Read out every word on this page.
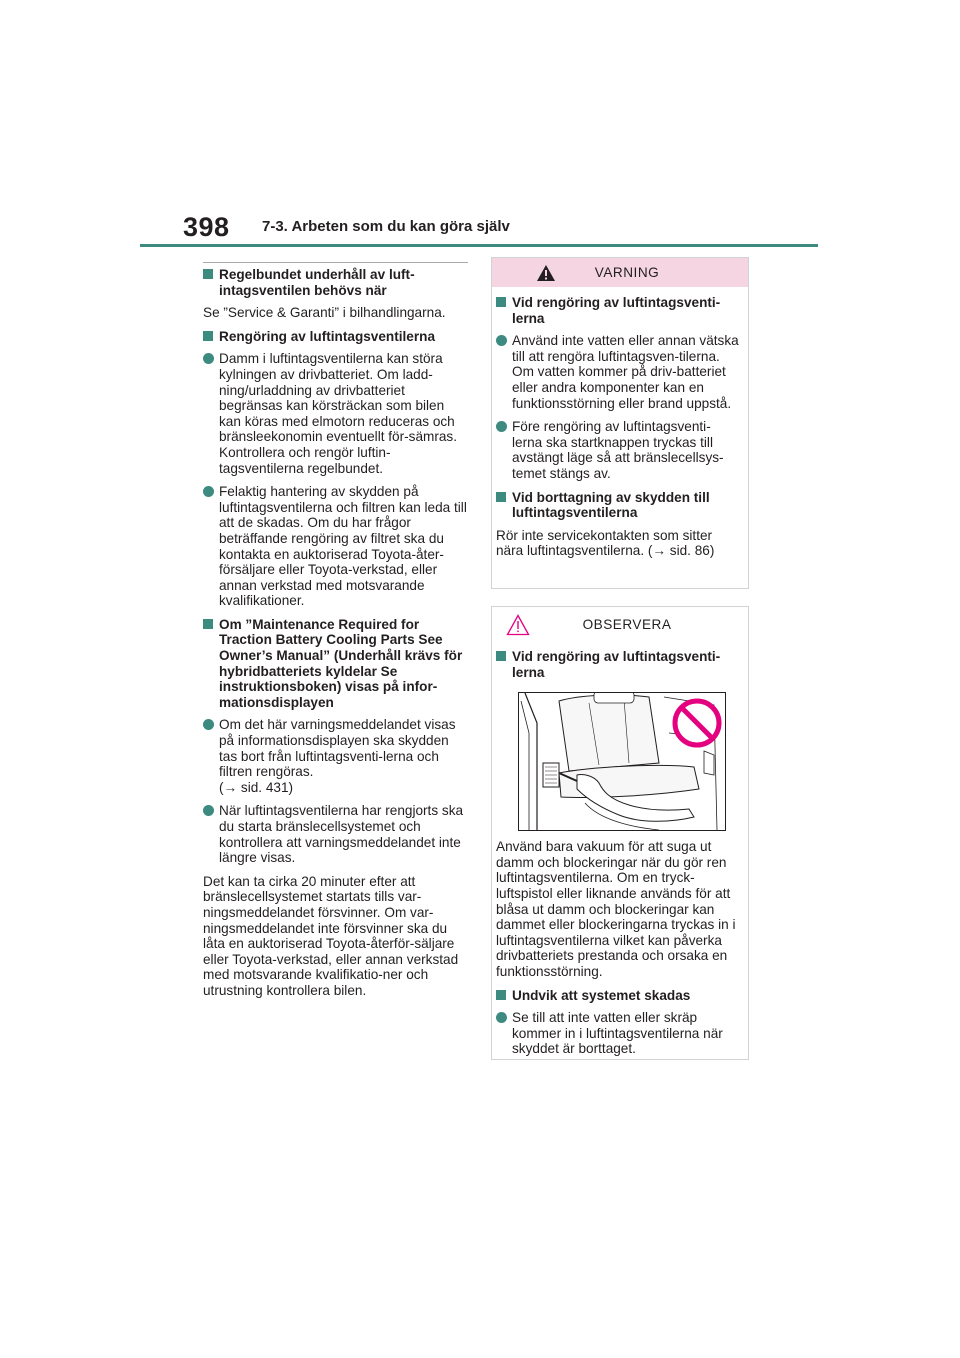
398 7-3. Arbeten som du kan göra själv
Regelbundet underhåll av luft-intagsventilen behövs när

Se ”Service & Garanti” i bilhandlingarna.

Rengöring av luftintagsventilerna
Damm i luftintagsventilerna kan störa kylningen av drivbatteriet. Om ladd-ning/urladdning av drivbatteriet begränsas kan körsträckan som bilen kan köras med elmotorn reduceras och bränsleekonomin eventuellt för-sämras. Kontrollera och rengör luftin-tagsventilerna regelbundet.
Felaktig hantering av skydden på luftintagsventilerna och filtren kan leda till att de skadas. Om du har frågor beträffande rengöring av filtret ska du kontakta en auktoriserad Toyota-åter-försäljare eller Toyota-verkstad, eller annan verkstad med motsvarande kvalifikationer.
Om ”Maintenance Required for Traction Battery Cooling Parts See Owner’s Manual” (Underhåll krävs för hybridbatteriets kyldelar Se instruktionsboken) visas på infor-mationsdisplayen
Om det här varningsmeddelandet visas på informationsdisplayen ska skydden tas bort från luftintagsventi-lerna och filtren rengöras.
(→ sid. 431)
När luftintagsventilerna har rengjorts ska du starta bränslecellsystemet och kontrollera att varningsmeddelandet inte längre visas.

Det kan ta cirka 20 minuter efter att bränslecellsystemet startats tills var-ningsmeddelandet försvinner. Om var-ningsmeddelandet inte försvinner ska du låta en auktoriserad Toyota-återför-säljare eller Toyota-verkstad, eller annan verkstad med motsvarande kvalifikatio-ner och utrustning kontrollera bilen.

VARNING
Vid rengöring av luftintagsventi-lerna
Använd inte vatten eller annan vätska till att rengöra luftintagsven-tilerna. Om vatten kommer på driv-batteriet eller andra komponenter kan en funktionsstörning eller brand uppstå.
Före rengöring av luftintagsventi-lerna ska startknappen tryckas till avstängt läge så att bränslecellsys-temet stängs av.
Vid borttagning av skydden till luftintagsventilerna

Rör inte servicekontakten som sitter nära luftintagsventilerna. (→ sid. 86)

OBSERVERA
Vid rengöring av luftintagsventi-lerna

Använd bara vakuum för att suga ut damm och blockeringar när du gör ren luftintagsventilerna. Om en tryck-luftspistol eller liknande används för att blåsa ut damm och blockeringar kan dammet eller blockeringarna tryckas in i luftintagsventilerna vilket kan påverka drivbatteriets prestanda och orsaka en funktionsstörning.

Undvik att systemet skadas
Se till att inte vatten eller skräp kommer in i luftintagsventilerna när skyddet är borttaget.
